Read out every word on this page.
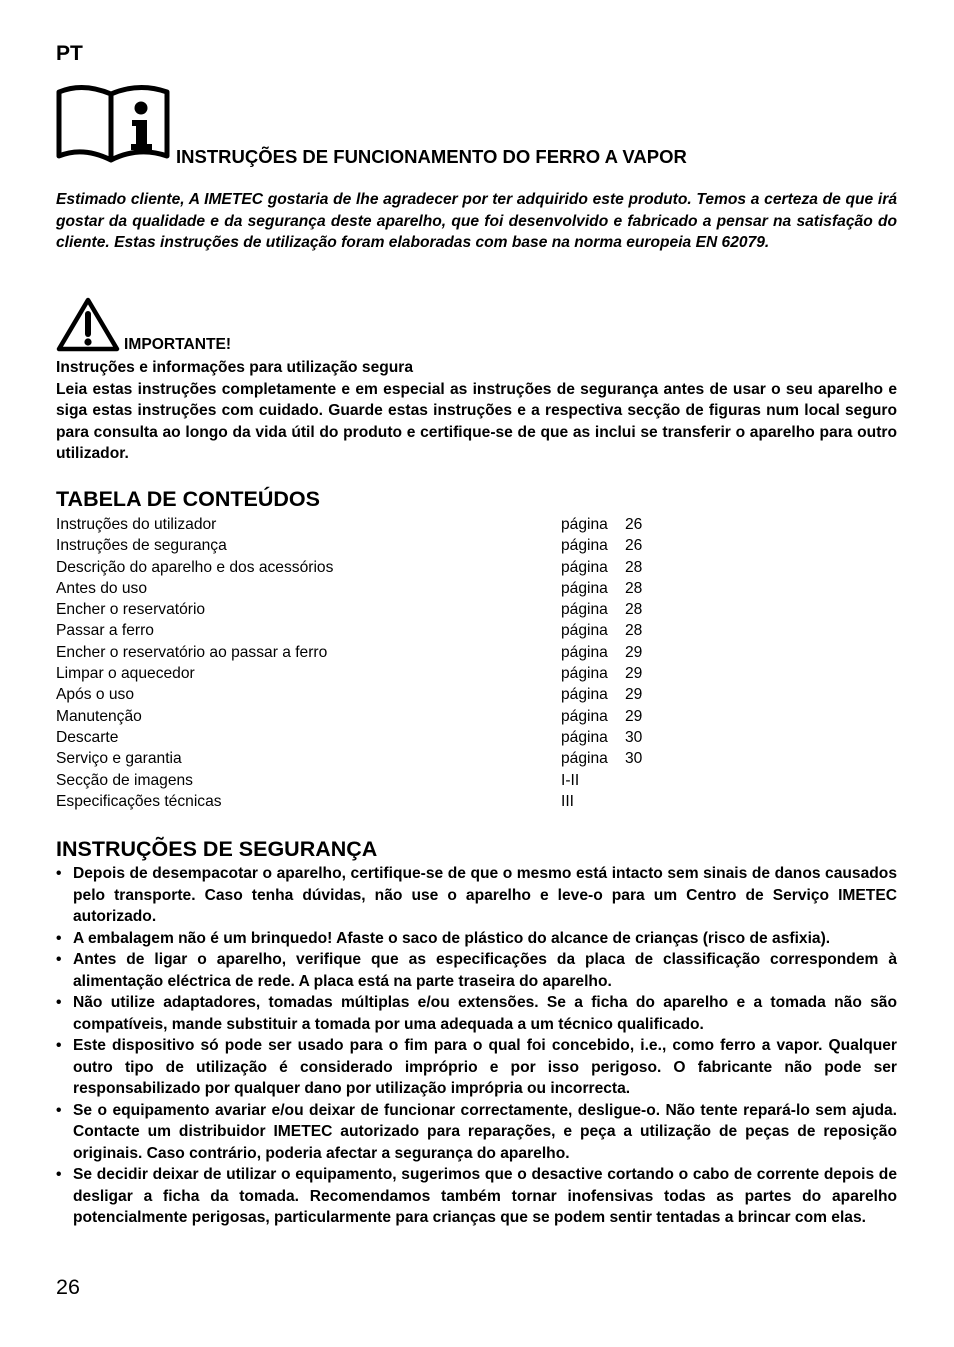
PT
INSTRUÇÕES DE FUNCIONAMENTO DO FERRO A VAPOR
Estimado cliente, A IMETEC gostaria de lhe agradecer por ter adquirido este produto. Temos a certeza de que irá gostar da qualidade e da segurança deste aparelho, que foi desenvolvido e fabricado a pensar na satisfação do cliente. Estas instruções de utilização foram elaboradas com base na norma europeia EN 62079.
IMPORTANTE!
Instruções e informações para utilização segura
Leia estas instruções completamente e em especial as instruções de segurança antes de usar o seu aparelho e siga estas instruções com cuidado. Guarde estas instruções e a respectiva secção de figuras num local seguro para consulta ao longo da vida útil do produto e certifique-se de que as inclui se transferir o aparelho para outro utilizador.
TABELA DE CONTEÚDOS
Instruções do utilizador	página 26
Instruções de segurança	página 26
Descrição do aparelho e dos acessórios	página 28
Antes do uso	página 28
Encher o reservatório	página 28
Passar a ferro	página 28
Encher o reservatório ao passar a ferro	página 29
Limpar o aquecedor	página 29
Após o uso	página 29
Manutenção	página 29
Descarte	página 30
Serviço e garantia	página 30
Secção de imagens	I-II
Especificações técnicas	III
INSTRUÇÕES DE SEGURANÇA
• Depois de desempacotar o aparelho, certifique-se de que o mesmo está intacto sem sinais de danos causados pelo transporte. Caso tenha dúvidas, não use o aparelho e leve-o para um Centro de Serviço IMETEC autorizado.
• A embalagem não é um brinquedo! Afaste o saco de plástico do alcance de crianças (risco de asfixia).
• Antes de ligar o aparelho, verifique que as especificações da placa de classificação correspondem à alimentação eléctrica de rede. A placa está na parte traseira do aparelho.
• Não utilize adaptadores, tomadas múltiplas e/ou extensões. Se a ficha do aparelho e a tomada não são compatíveis, mande substituir a tomada por uma adequada a um técnico qualificado.
• Este dispositivo só pode ser usado para o fim para o qual foi concebido, i.e., como ferro a vapor. Qualquer outro tipo de utilização é considerado impróprio e por isso perigoso. O fabricante não pode ser responsabilizado por qualquer dano por utilização imprópria ou incorrecta.
• Se o equipamento avariar e/ou deixar de funcionar correctamente, desligue-o. Não tente repará-lo sem ajuda. Contacte um distribuidor IMETEC autorizado para reparações, e peça a utilização de peças de reposição originais. Caso contrário, poderia afectar a segurança do aparelho.
• Se decidir deixar de utilizar o equipamento, sugerimos que o desactive cortando o cabo de corrente depois de desligar a ficha da tomada. Recomendamos também tornar inofensivas todas as partes do aparelho potencialmente perigosas, particularmente para crianças que se podem sentir tentadas a brincar com elas.
26
